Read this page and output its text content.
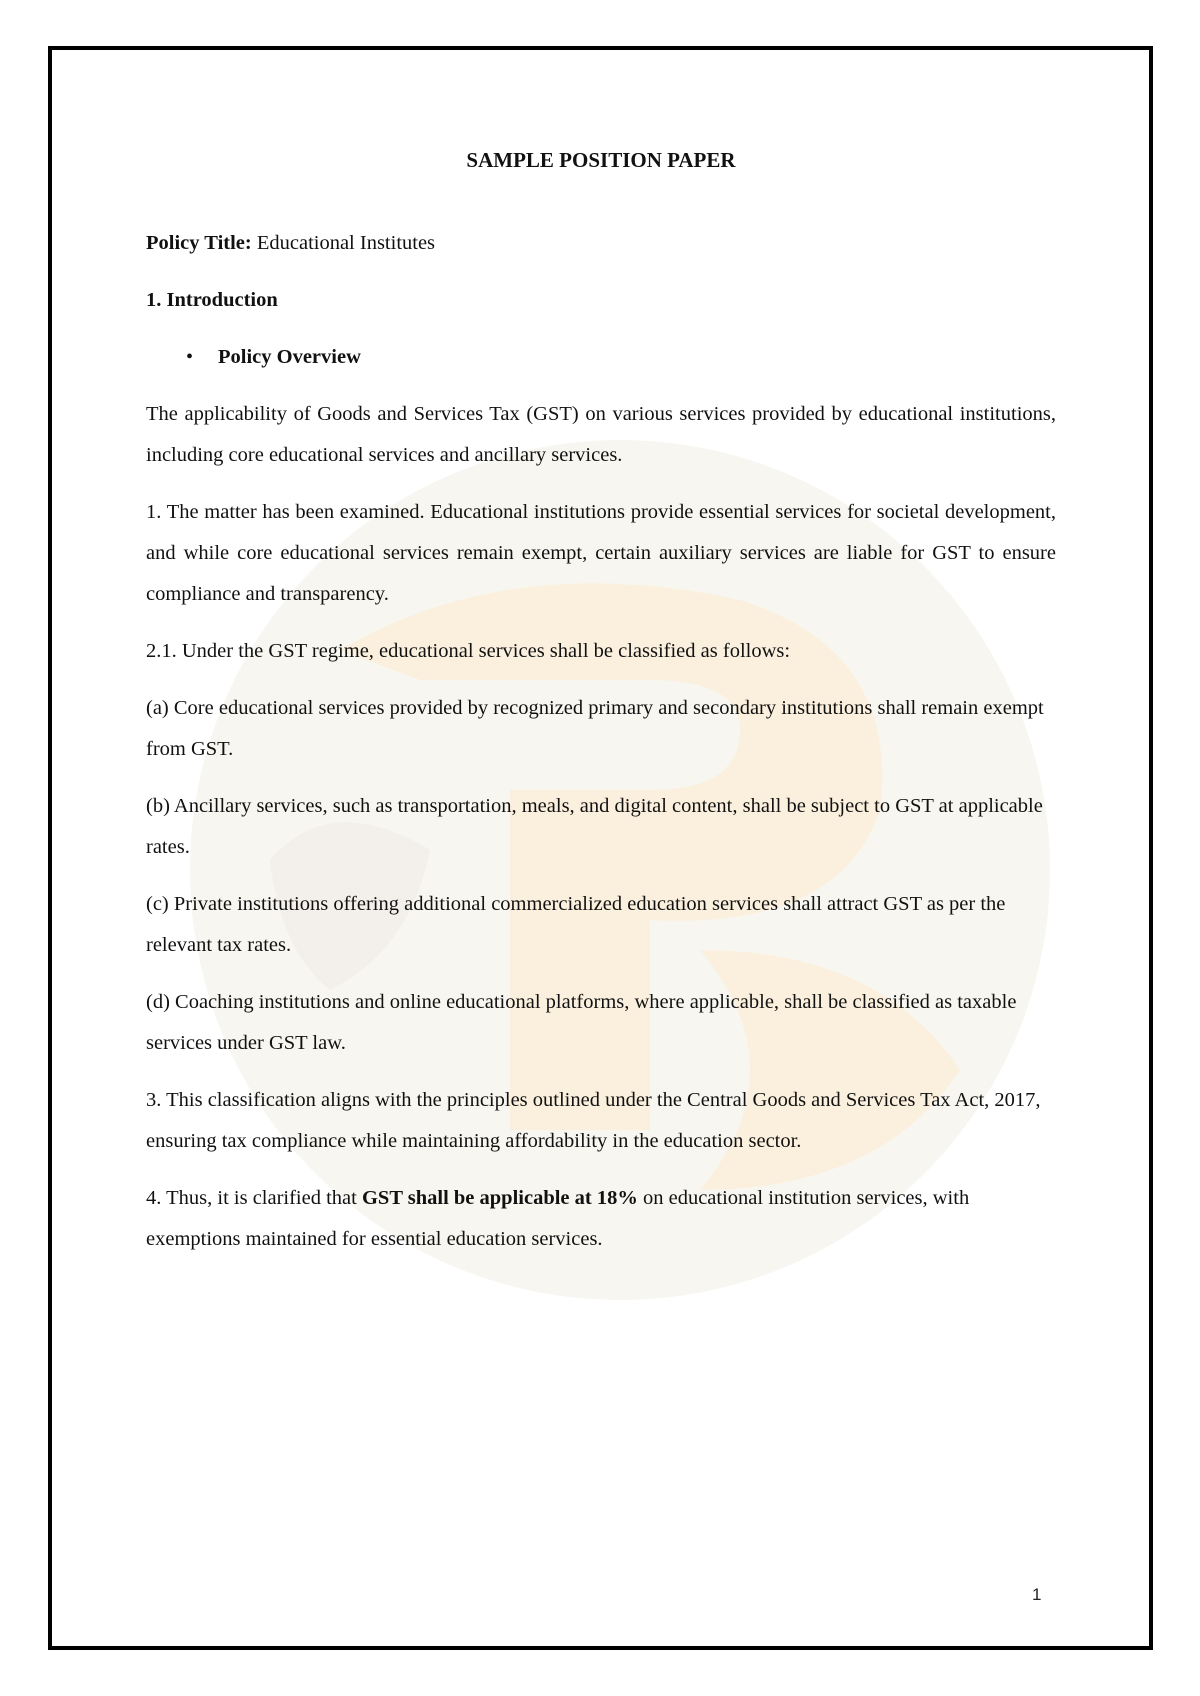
SAMPLE POSITION PAPER

Policy Title: Educational Institutes

1. Introduction

• Policy Overview

The applicability of Goods and Services Tax (GST) on various services provided by educational institutions, including core educational services and ancillary services.

1. The matter has been examined. Educational institutions provide essential services for societal development, and while core educational services remain exempt, certain auxiliary services are liable for GST to ensure compliance and transparency.

2.1. Under the GST regime, educational services shall be classified as follows:

(a) Core educational services provided by recognized primary and secondary institutions shall remain exempt from GST.

(b) Ancillary services, such as transportation, meals, and digital content, shall be subject to GST at applicable rates.

(c) Private institutions offering additional commercialized education services shall attract GST as per the relevant tax rates.

(d) Coaching institutions and online educational platforms, where applicable, shall be classified as taxable services under GST law.

3. This classification aligns with the principles outlined under the Central Goods and Services Tax Act, 2017, ensuring tax compliance while maintaining affordability in the education sector.

4. Thus, it is clarified that GST shall be applicable at 18% on educational institution services, with exemptions maintained for essential education services.

1
